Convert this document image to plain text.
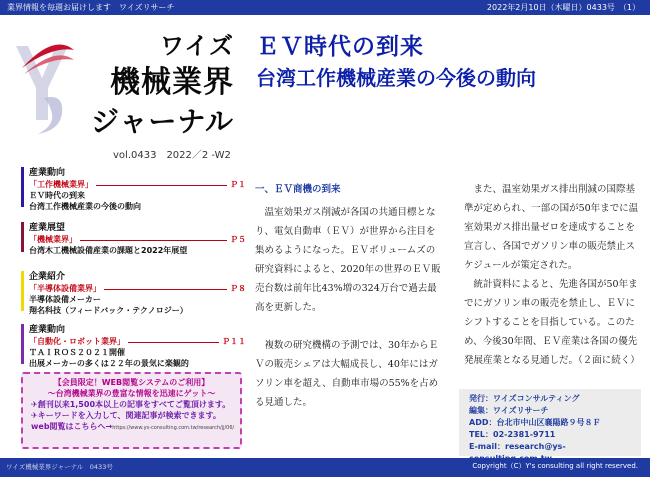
業界情報を毎週お届けします　ワイズリサーチ	2022年2月10日（木曜日）0433号　（1）
ワイズ
機械業界
ジャーナル
vol.0433　2022／2 -W2
ＥＶ時代の到来
台湾工作機械産業の今後の動向
産業動向
「工作機械業界」	Ｐ１
ＥＶ時代の到来
台湾工作機械産業の今後の動向
産業展望
「機械業界」	Ｐ５
台湾木工機械設備産業の課題と2022年展望
企業紹介
「半導体設備業界」	Ｐ８
半導体設備メーカー
翔名科技（フィードバック・テクノロジー）
産業動向
「自動化・ロボット業界」	Ｐ１１
ＴＡＩＲＯＳ２０２１開催
出展メーカーの多くは２２年の景気に楽観的
【会員限定！WEB閲覧システムのご利用】
～台湾機械業界の豊富な情報を迅速にゲット～
✈創刊以来1,500本以上の記事をすべてご覧頂けます。
✈キーワードを入力して、関連記事が検索できます。
web閲覧はこちらへ→https://www.ys-consulting.com.tw/research/jj/06/
一、ＥＶ商機の到来

温室効果ガス削減が各国の共通目標となり、電気自動車（ＥＶ）が世界から注目を集めるようになった。ＥＶボリュームズの研究資料によると、2020年の世界のＥＶ販売台数は前年比43%増の324万台で過去最高を更新した。

複数の研究機構の予測では、30年からＥＶの販売シェアは大幅成長し、40年にはガソリン車を超え、自動車市場の55%を占める見通した。

また、温室効果ガス排出削減の国際基準が定められ、一部の国が50年までに温室効果ガス排出量ゼロを達成することを宣言し、各国でガソリン車の販売禁止スケジュールが策定された。

統計資料によると、先進各国が50年までにガソリン車の販売を禁止し、ＥＶにシフトすることを目指している。このため、今後30年間、ＥＶ産業は各国の優先発展産業となる見通しだ。（２面に続く）

発行：ワイズコンサルティング
編集：ワイズリサーチ
ADD：台北市中山区襄陽路９号８Ｆ
TEL：02-2381-9711
E-mail：research@ys-
ワイズ機械業界ジャーナル　0433号	Copyright（C）Y's consulting all right reserved.
